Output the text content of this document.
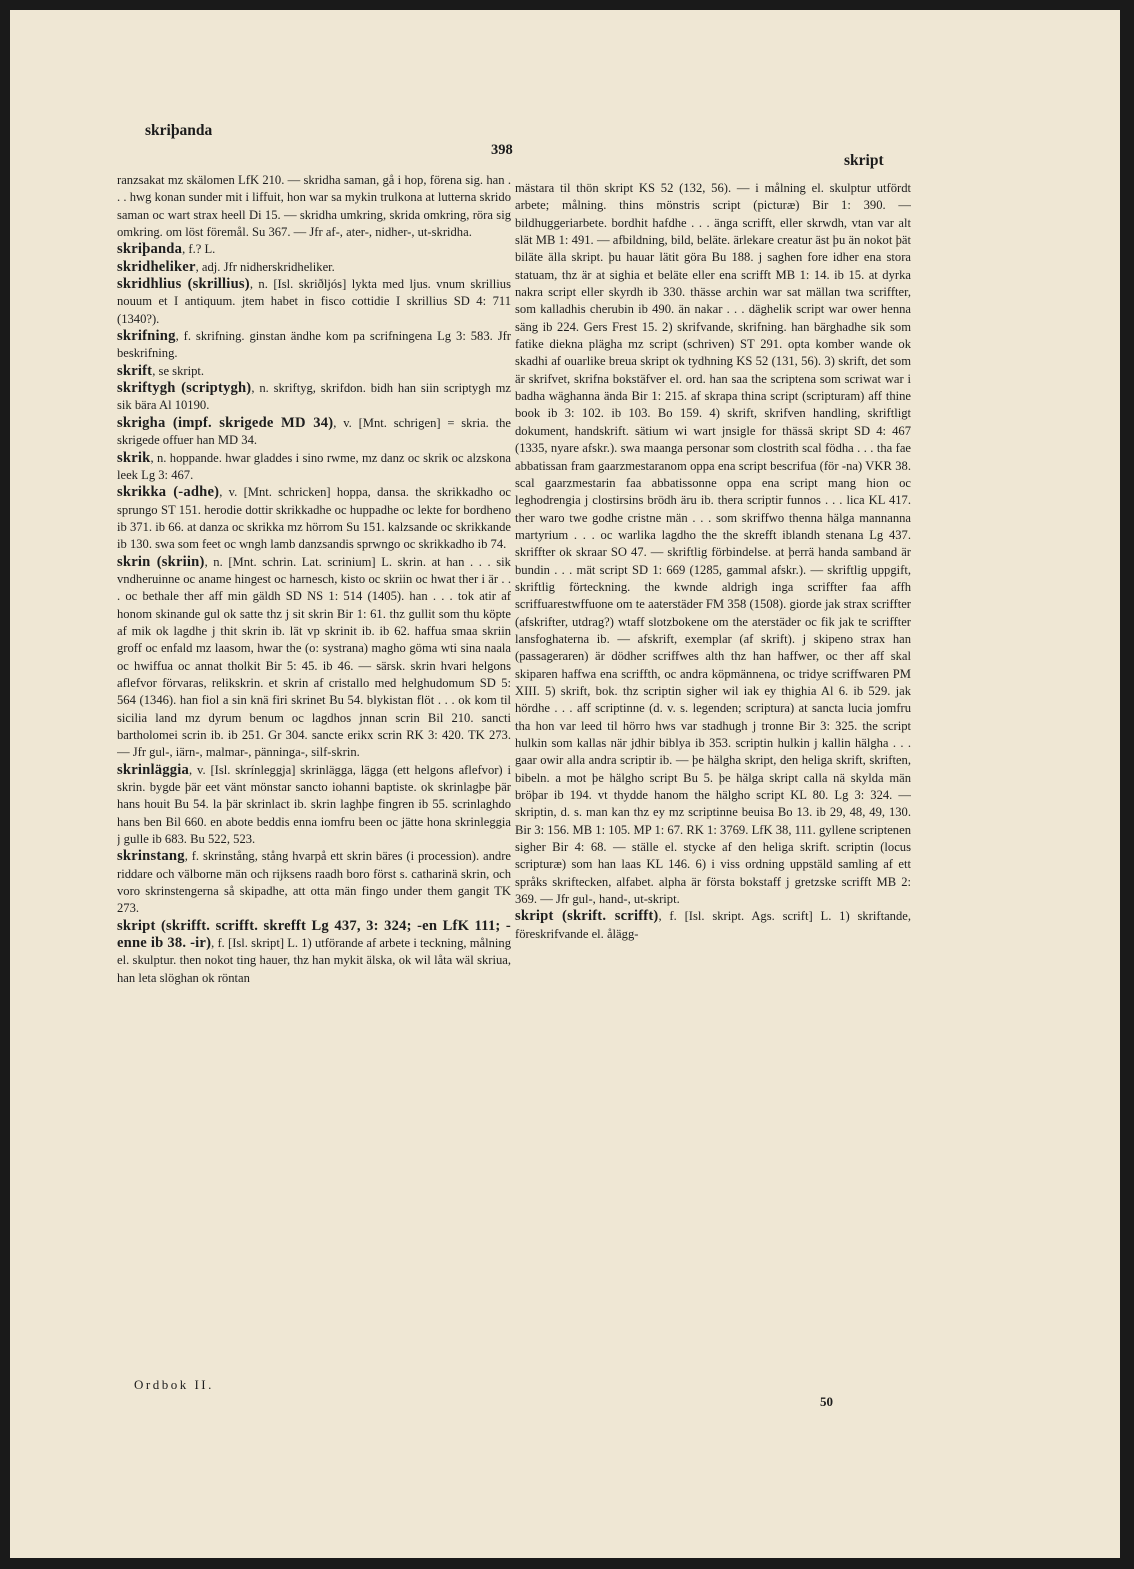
skriþanda
398
skript

ranzsakat mz skälomen LfK 210. — skridha saman, gå i hop, förena sig. han . . . hwg konan sunder mit i liffuit, hon war sa mykin trulkona at lutterna skrido saman oc wart strax heell Di 15. — skridha umkring, skrida omkring, röra sig omkring. om löst föremål. Su 367. — Jfr af-, ater-, nidher-, ut-skridha.

skriþanda, f.? L.

skridheliker, adj. Jfr nidherskridheliker.

skridhlius (skrillius), n. [Isl. skriðljós] lykta med ljus. vnum skrillius nouum et I antiquum. jtem habet in fisco cottidie I skrillius SD 4: 711 (1340?).

skrifning, f. skrifning. ginstan ändhe kom pa scrifningena Lg 3: 583. Jfr beskrifning.

skrift, se skript.

skriftygh (scriptygh), n. skriftyg, skrifdon. bidh han siin scriptygh mz sik bära Al 10190.

skrigha (impf. skrigede MD 34), v. [Mnt. schrigen] = skria. the skrigede offuer han MD 34.

skrik, n. hoppande. hwar gladdes i sino rwme, mz danz oc skrik oc alzskona leek Lg 3: 467.

skrikka (-adhe), v. [Mnt. schricken] hoppa, dansa. the skrikkadho oc sprungo ST 151. herodie dottir skrikkadhe oc huppadhe oc lekte for bordheno ib 371. ib 66. at danza oc skrikka mz hörrom Su 151. kalzsande oc skrikkande ib 130. swa som feet oc wngh lamb danzsandis sprwngo oc skrikkadho ib 74.

skrin (skriin), n. [Mnt. schrin. Lat. scrinium] L. skrin. at han . . . sik vndheruinne oc aname hingest oc harnesch, kisto oc skriin oc hwat ther i är . . . oc bethale ther aff min gäldh SD NS 1: 514 (1405). han . . . tok atir af honom skinande gul ok satte thz j sit skrin Bir 1: 61. thz gullit som thu köpte af mik ok lagdhe j thit skrin ib. lät vp skrinit ib. ib 62. haffua smaa skriin groff oc enfald mz laasom, hwar the (o: systrana) magho göma wti sina naala oc hwiffua oc annat tholkit Bir 5: 45. ib 46. — särsk. skrin hvari helgons aflefvor förvaras, relikskrin. et skrin af cristallo med helghudomum SD 5: 564 (1346). han fiol a sin knä firi skrinet Bu 54. blykistan flöt . . . ok kom til sicilia land mz dyrum benum oc lagdhos jnnan scrin Bil 210. sancti bartholomei scrin ib. ib 251. Gr 304. sancte erikx scrin RK 3: 420. TK 273. — Jfr gul-, iärn-, malmar-, pänninga-, silf-skrin.

skrinläggia, v. [Isl. skrínleggja] skrinlägga, lägga (ett helgons aflefvor) i skrin. bygde þär eet vänt mönstar sancto iohanni baptiste. ok skrinlagþe þär hans houit Bu 54. la þär skrinlact ib. skrin laghþe fingren ib 55. scrinlaghdo hans ben Bil 660. en abote beddis enna iomfru been oc jätte hona skrinleggia j gulle ib 683. Bu 522, 523.

skrinstang, f. skrinstång, stång hvarpå ett skrin bäres (i procession). andre riddare och välborne män och rijksens raadh boro först s. catharinä skrin, och voro skrinstengerna så skipadhe, att otta män fingo under them gangit TK 273.

skript (skrifft. scrifft. skrefft Lg 437, 3: 324; -en LfK 111; -enne ib 38. -ir), f. [Isl. skript] L. 1) utförande af arbete i teckning, målning el. skulptur. then nokot ting hauer, thz han mykit älska, ok wil låta wäl skriua, han leta slöghan ok röntan

mästara til thön skript KS 52 (132, 56). — i målning el. skulptur utfördt arbete; målning. thins mönstris script (picturæ) Bir 1: 390. — bildhuggeriarbete. bordhit hafdhe . . . änga scrifft, eller skrwdh, vtan var alt slät MB 1: 491. — afbildning, bild, beläte. ärlekare creatur äst þu än nokot þät biläte älla skript. þu hauar lätit göra Bu 188. j saghen fore idher ena stora statuam, thz är at sighia et beläte eller ena scrifft MB 1: 14. ib 15. at dyrka nakra script eller skyrdh ib 330. thässe archin war sat mällan twa scriffter, som kalladhis cherubin ib 490. än nakar . . . däghelik script war ower henna säng ib 224. Gers Frest 15. 2) skrifvande, skrifning. han bärghadhe sik som fatike diekna plägha mz script (schriven) ST 291. opta komber wande ok skadhi af ouarlike breua skript ok tydhning KS 52 (131, 56). 3) skrift, det som är skrifvet, skrifna bokstäfver el. ord. han saa the scriptena som scriwat war i badha wäghanna ända Bir 1: 215. af skrapa thina script (scripturam) aff thine book ib 3: 102. ib 103. Bo 159. 4) skrift, skrifven handling, skriftligt dokument, handskrift. sätium wi wart jnsigle for thässä skript SD 4: 467 (1335, nyare afskr.). swa maanga personar som clostrith scal födha . . . tha fae abbatissan fram gaarzmestaranom oppa ena script bescrifua (för -na) VKR 38. scal gaarzmestarin faa abbatissonne oppa ena script mang hion oc leghodrengia j clostirsins brödh äru ib. thera scriptir funnos . . . lica KL 417. ther waro twe godhe cristne män . . . som skriffwo thenna hälga mannanna martyrium . . . oc warlika lagdho the the skrefft iblandh stenana Lg 437. skriffter ok skraar SO 47. — skriftlig förbindelse. at þerrä handa samband är bundin . . . mät script SD 1: 669 (1285, gammal afskr.). — skriftlig uppgift, skriftlig förteckning. the kwnde aldrigh inga scriffter faa affh scriffuarestwffuone om te aaterstäder FM 358 (1508). giorde jak strax scriffter (afskrifter, utdrag?) wtaff slotzbokene om the aterstäder oc fik jak te scriffter lansfoghaterna ib. — afskrift, exemplar (af skrift). j skipeno strax han (passageraren) är dödher scriffwes alth thz han haffwer, oc ther aff skal skiparen haffwa ena scriffth, oc andra köpmännena, oc tridye scriffwaren PM XIII. 5) skrift, bok. thz scriptin sigher wil iak ey thighia Al 6. ib 529. jak hördhe . . . aff scriptinne (d. v. s. legenden; scriptura) at sancta lucia jomfru tha hon var leed til hörro hws var stadhugh j tronne Bir 3: 325. the script hulkin som kallas när jdhir biblya ib 353. scriptin hulkin j kallin hälgha . . . gaar owir alla andra scriptir ib. — þe hälgha skript, den heliga skrift, skriften, bibeln. a mot þe hälgho script Bu 5. þe hälga skript calla nä skylda män bröþar ib 194. vt thydde hanom the hälgho script KL 80. Lg 3: 324. — skriptin, d. s. man kan thz ey mz scriptinne beuisa Bo 13. ib 29, 48, 49, 130. Bir 3: 156. MB 1: 105. MP 1: 67. RK 1: 3769. LfK 38, 111. gyllene scriptenen sigher Bir 4: 68. — ställe el. stycke af den heliga skrift. scriptin (locus scripturæ) som han laas KL 146. 6) i viss ordning uppstäld samling af ett språks skriftecken, alfabet. alpha är första bokstaff j gretzske scrifft MB 2: 369. — Jfr gul-, hand-, ut-skript.

skript (skrift. scrifft), f. [Isl. skript. Ags. scrift] L. 1) skriftande, föreskrifvande el. ålägg-

Ordbok II.
50
